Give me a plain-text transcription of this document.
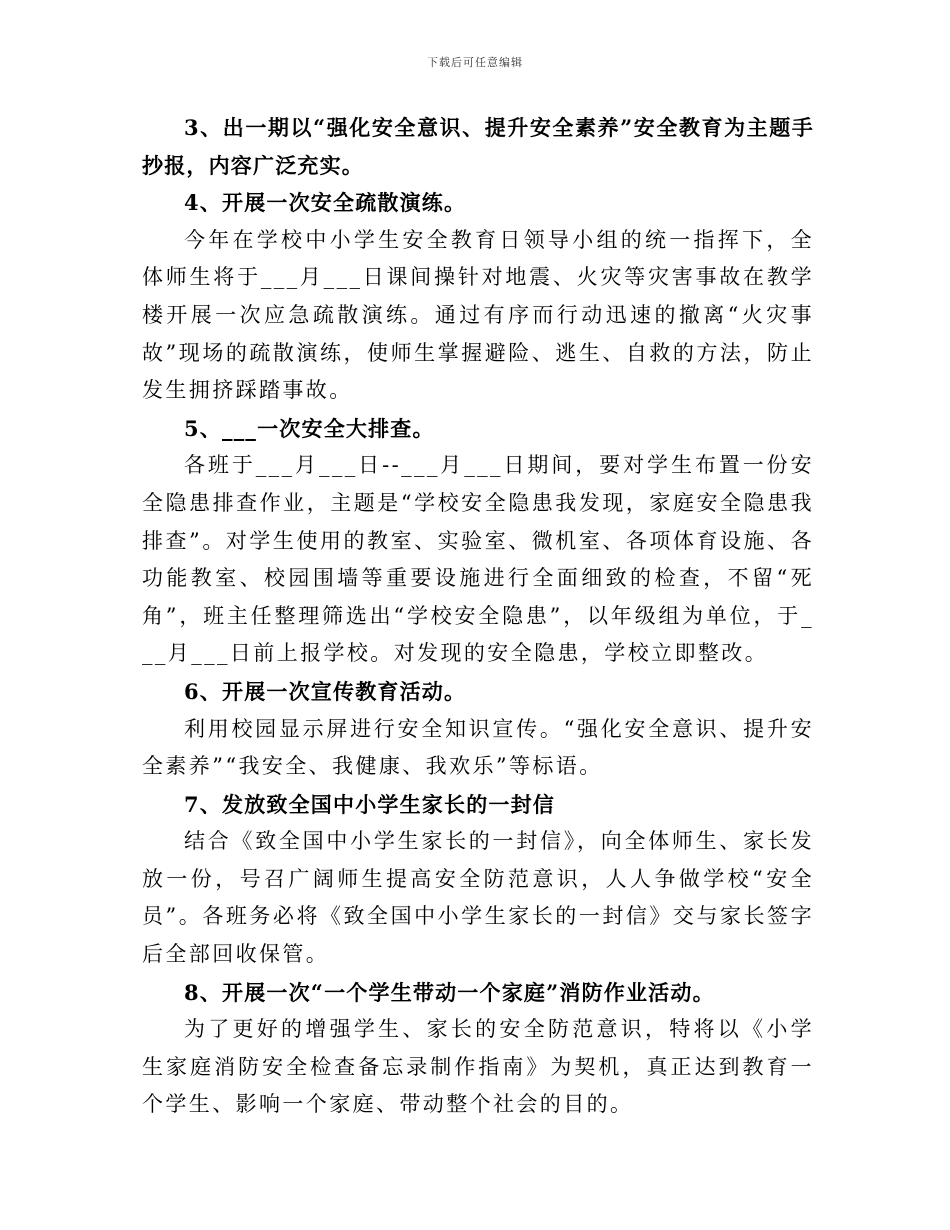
下载后可任意编辑

3、出一期以“强化安全意识、提升安全素养”安全教育为主题手抄报，内容广泛充实。

4、开展一次安全疏散演练。

今年在学校中小学生安全教育日领导小组的统一指挥下，全体师生将于___月___日课间操针对地震、火灾等灾害事故在教学楼开展一次应急疏散演练。通过有序而行动迅速的撤离“火灾事故”现场的疏散演练，使师生掌握避险、逃生、自救的方法，防止发生拥挤踩踏事故。

5、___一次安全大排查。

各班于___月___日--___月___日期间，要对学生布置一份安全隐患排查作业，主题是“学校安全隐患我发现，家庭安全隐患我排查”。对学生使用的教室、实验室、微机室、各项体育设施、各功能教室、校园围墙等重要设施进行全面细致的检查，不留“死角”，班主任整理筛选出“学校安全隐患”，以年级组为单位，于___月___日前上报学校。对发现的安全隐患，学校立即整改。

6、开展一次宣传教育活动。

利用校园显示屏进行安全知识宣传。“强化安全意识、提升安全素养”“我安全、我健康、我欢乐”等标语。

7、发放致全国中小学生家长的一封信

结合《致全国中小学生家长的一封信》，向全体师生、家长发放一份，号召广阔师生提高安全防范意识，人人争做学校“安全员”。各班务必将《致全国中小学生家长的一封信》交与家长签字后全部回收保管。

8、开展一次“一个学生带动一个家庭”消防作业活动。

为了更好的增强学生、家长的安全防范意识，特将以《小学生家庭消防安全检查备忘录制作指南》为契机，真正达到教育一个学生、影响一个家庭、带动整个社会的目的。
